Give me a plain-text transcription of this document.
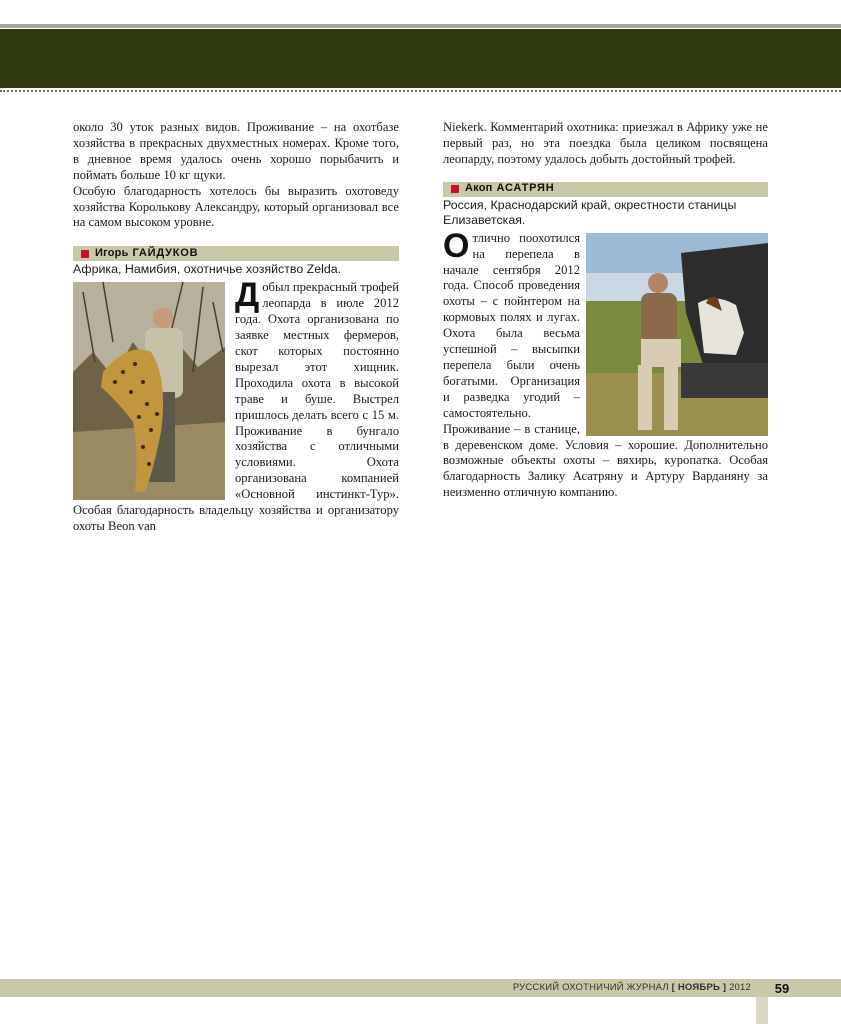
около 30 уток разных видов. Проживание – на охотбазе хозяйства в прекрасных двухместных номерах. Кроме того, в дневное время удалось очень хорошо порыбачить и поймать больше 10 кг щуки.

Особую благодарность хотелось бы выразить охотоведу хозяйства Королькову Александру, который организовал все на самом высоком уровне.

Игорь ГАЙДУКОВ
Африка, Намибия, охотничье хозяйство Zelda.

Добыл прекрасный трофей леопарда в июле 2012 года. Охота организована по заявке местных фермеров, скот которых постоянно вырезал этот хищник. Проходила охота в высокой траве и буше. Выстрел пришлось делать всего с 15 м. Проживание в бунгало хозяйства с отличными условиями. Охота организована компанией «Основной инстинкт-Тур». Особая благодарность владельцу хозяйства и организатору охоты Beon van

Niekerk. Комментарий охотника: приезжал в Африку уже не первый раз, но эта поездка была целиком посвящена леопарду, поэтому удалось добыть достойный трофей.

Акоп АСАТРЯН
Россия, Краснодарский край, окрестности станицы Елизаветская.

Отлично поохотился на перепела в начале сентября 2012 года. Способ проведения охоты – с пойнтером на кормовых полях и лугах. Охота была весьма успешной – высыпки перепела были очень богатыми. Организация и разведка угодий – самостоятельно. Проживание – в станице, в деревенском доме. Условия – хорошие. Дополнительно возможные объекты охоты – вяхирь, куропатка. Особая благодарность Залику Асатряну и Артуру Варданяну за неизменно отличную компанию.

РУССКИЙ ОХОТНИЧИЙ ЖУРНАЛ [ НОЯБРЬ ] 2012	59
